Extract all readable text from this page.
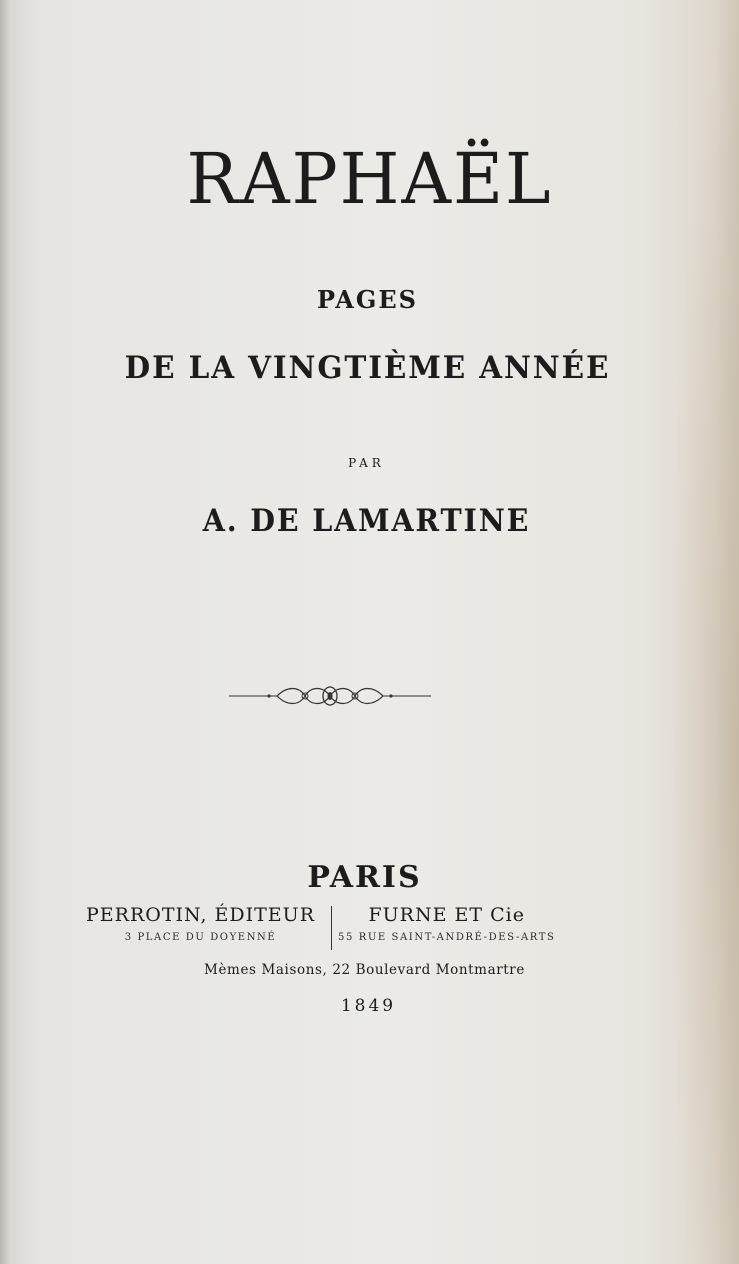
RAPHAËL
PAGES
DE LA VINGTIÈME ANNÉE
PAR
A. DE LAMARTINE
PARIS
PERROTIN, ÉDITEUR
3 PLACE DU DOYENNÉ
FURNE ET Cie
55 RUE SAINT-ANDRÉ-DES-ARTS
Mèmes Maisons, 22 Boulevard Montmartre
1849
